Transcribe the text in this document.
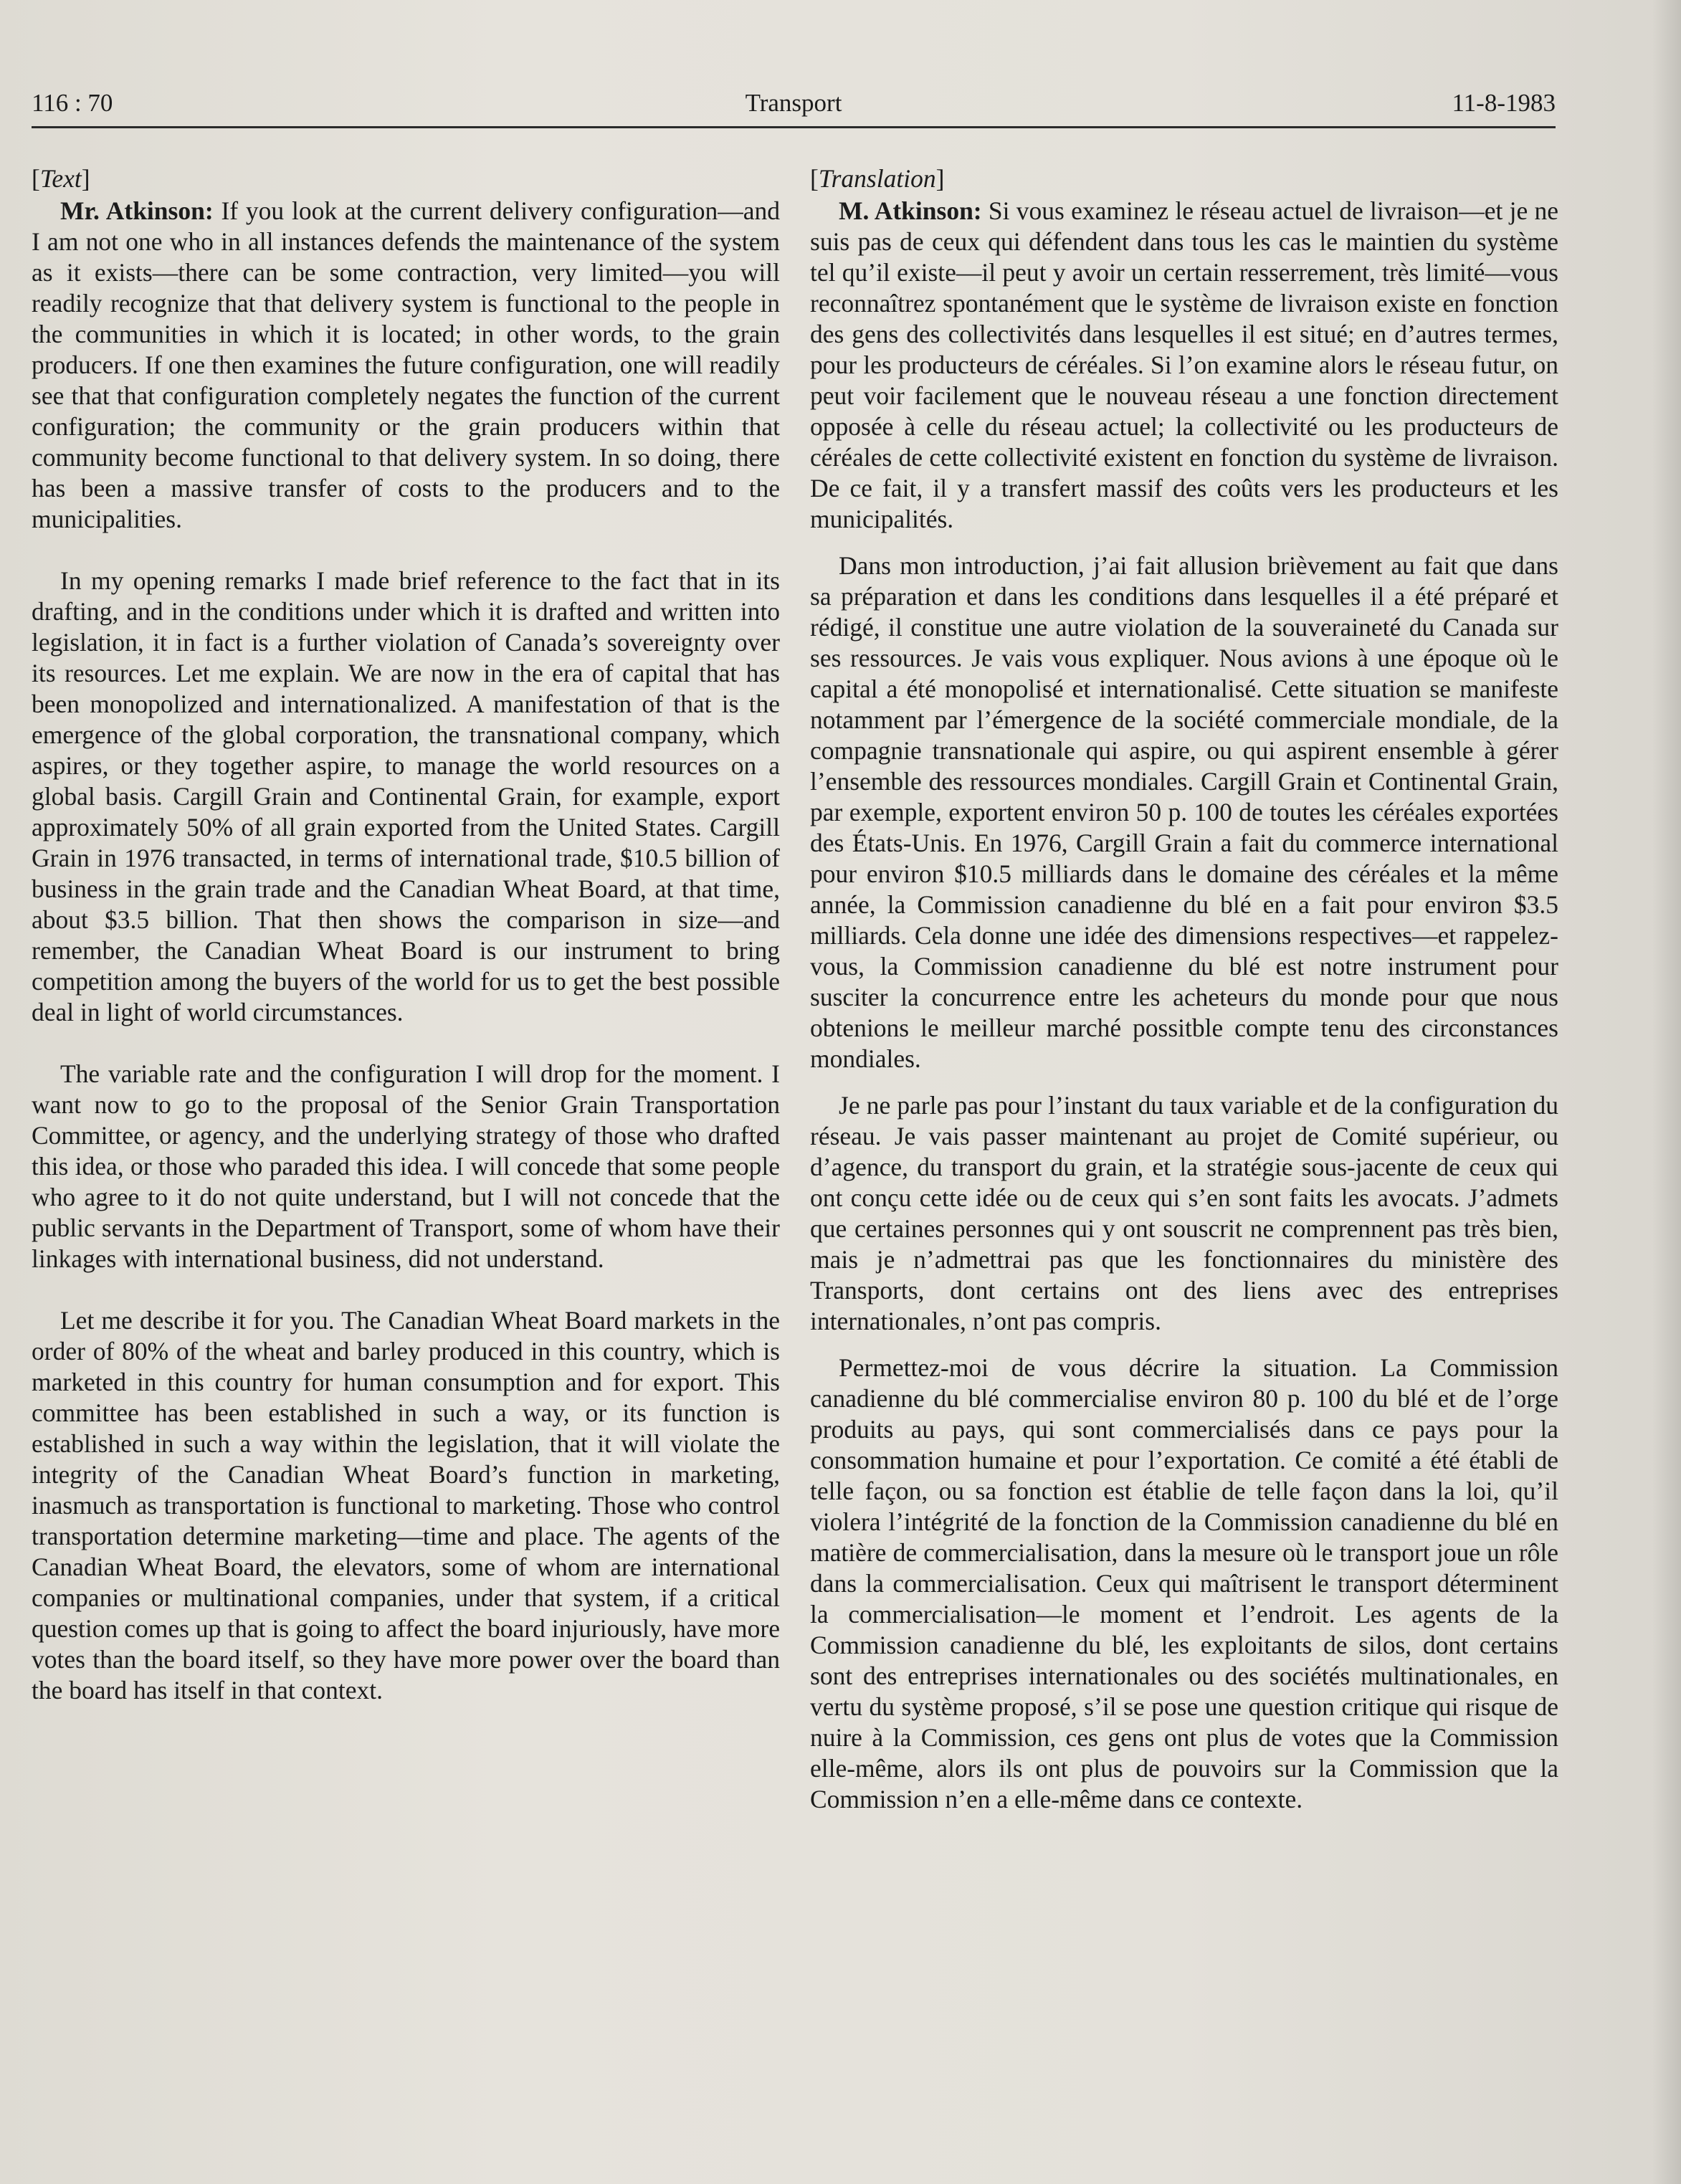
116 : 70	Transport	11-8-1983
[Text]

Mr. Atkinson: If you look at the current delivery configuration—and I am not one who in all instances defends the maintenance of the system as it exists—there can be some contraction, very limited—you will readily recognize that that delivery system is functional to the people in the communities in which it is located; in other words, to the grain producers. If one then examines the future configuration, one will readily see that that configuration completely negates the function of the current configuration; the community or the grain producers within that community become functional to that delivery system. In so doing, there has been a massive transfer of costs to the producers and to the municipalities.

In my opening remarks I made brief reference to the fact that in its drafting, and in the conditions under which it is drafted and written into legislation, it in fact is a further violation of Canada’s sovereignty over its resources. Let me explain. We are now in the era of capital that has been monopolized and internationalized. A manifestation of that is the emergence of the global corporation, the transnational company, which aspires, or they together aspire, to manage the world resources on a global basis. Cargill Grain and Continental Grain, for example, export approximately 50% of all grain exported from the United States. Cargill Grain in 1976 transacted, in terms of international trade, $10.5 billion of business in the grain trade and the Canadian Wheat Board, at that time, about $3.5 billion. That then shows the comparison in size—and remember, the Canadian Wheat Board is our instrument to bring competition among the buyers of the world for us to get the best possible deal in light of world circumstances.

The variable rate and the configuration I will drop for the moment. I want now to go to the proposal of the Senior Grain Transportation Committee, or agency, and the underlying strategy of those who drafted this idea, or those who paraded this idea. I will concede that some people who agree to it do not quite understand, but I will not concede that the public servants in the Department of Transport, some of whom have their linkages with international business, did not understand.

Let me describe it for you. The Canadian Wheat Board markets in the order of 80% of the wheat and barley produced in this country, which is marketed in this country for human consumption and for export. This committee has been established in such a way, or its function is established in such a way within the legislation, that it will violate the integrity of the Canadian Wheat Board’s function in marketing, inasmuch as transportation is functional to marketing. Those who control transportation determine marketing—time and place. The agents of the Canadian Wheat Board, the elevators, some of whom are international companies or multinational companies, under that system, if a critical question comes up that is going to affect the board injuriously, have more votes than the board itself, so they have more power over the board than the board has itself in that context.

[Translation]

M. Atkinson: Si vous examinez le réseau actuel de livraison—et je ne suis pas de ceux qui défendent dans tous les cas le maintien du système tel qu’il existe—il peut y avoir un certain resserrement, très limité—vous reconnaîtrez spontanément que le système de livraison existe en fonction des gens des collectivités dans lesquelles il est situé; en d’autres termes, pour les producteurs de céréales. Si l’on examine alors le réseau futur, on peut voir facilement que le nouveau réseau a une fonction directement opposée à celle du réseau actuel; la collectivité ou les producteurs de céréales de cette collectivité existent en fonction du système de livraison. De ce fait, il y a transfert massif des coûts vers les producteurs et les municipalités.

Dans mon introduction, j’ai fait allusion brièvement au fait que dans sa préparation et dans les conditions dans lesquelles il a été préparé et rédigé, il constitue une autre violation de la souveraineté du Canada sur ses ressources. Je vais vous expliquer. Nous avions à une époque où le capital a été monopolisé et internationalisé. Cette situation se manifeste notamment par l’émergence de la société commerciale mondiale, de la compagnie transnationale qui aspire, ou qui aspirent ensemble à gérer l’ensemble des ressources mondiales. Cargill Grain et Continental Grain, par exemple, exportent environ 50 p. 100 de toutes les céréales exportées des États-Unis. En 1976, Cargill Grain a fait du commerce international pour environ $10.5 milliards dans le domaine des céréales et la même année, la Commission canadienne du blé en a fait pour environ $3.5 milliards. Cela donne une idée des dimensions respectives—et rappelez-vous, la Commission canadienne du blé est notre instrument pour susciter la concurrence entre les acheteurs du monde pour que nous obtenions le meilleur marché possitble compte tenu des circonstances mondiales.

Je ne parle pas pour l’instant du taux variable et de la configuration du réseau. Je vais passer maintenant au projet de Comité supérieur, ou d’agence, du transport du grain, et la stratégie sous-jacente de ceux qui ont conçu cette idée ou de ceux qui s’en sont faits les avocats. J’admets que certaines personnes qui y ont souscrit ne comprennent pas très bien, mais je n’admettrai pas que les fonctionnaires du ministère des Transports, dont certains ont des liens avec des entreprises internationales, n’ont pas compris.

Permettez-moi de vous décrire la situation. La Commission canadienne du blé commercialise environ 80 p. 100 du blé et de l’orge produits au pays, qui sont commercialisés dans ce pays pour la consommation humaine et pour l’exportation. Ce comité a été établi de telle façon, ou sa fonction est établie de telle façon dans la loi, qu’il violera l’intégrité de la fonction de la Commission canadienne du blé en matière de commercialisation, dans la mesure où le transport joue un rôle dans la commercialisation. Ceux qui maîtrisent le transport déterminent la commercialisation—le moment et l’endroit. Les agents de la Commission canadienne du blé, les exploitants de silos, dont certains sont des entreprises internationales ou des sociétés multinationales, en vertu du système proposé, s’il se pose une question critique qui risque de nuire à la Commission, ces gens ont plus de votes que la Commission elle-même, alors ils ont plus de pouvoirs sur la Commission que la Commission n’en a elle-même dans ce contexte.
